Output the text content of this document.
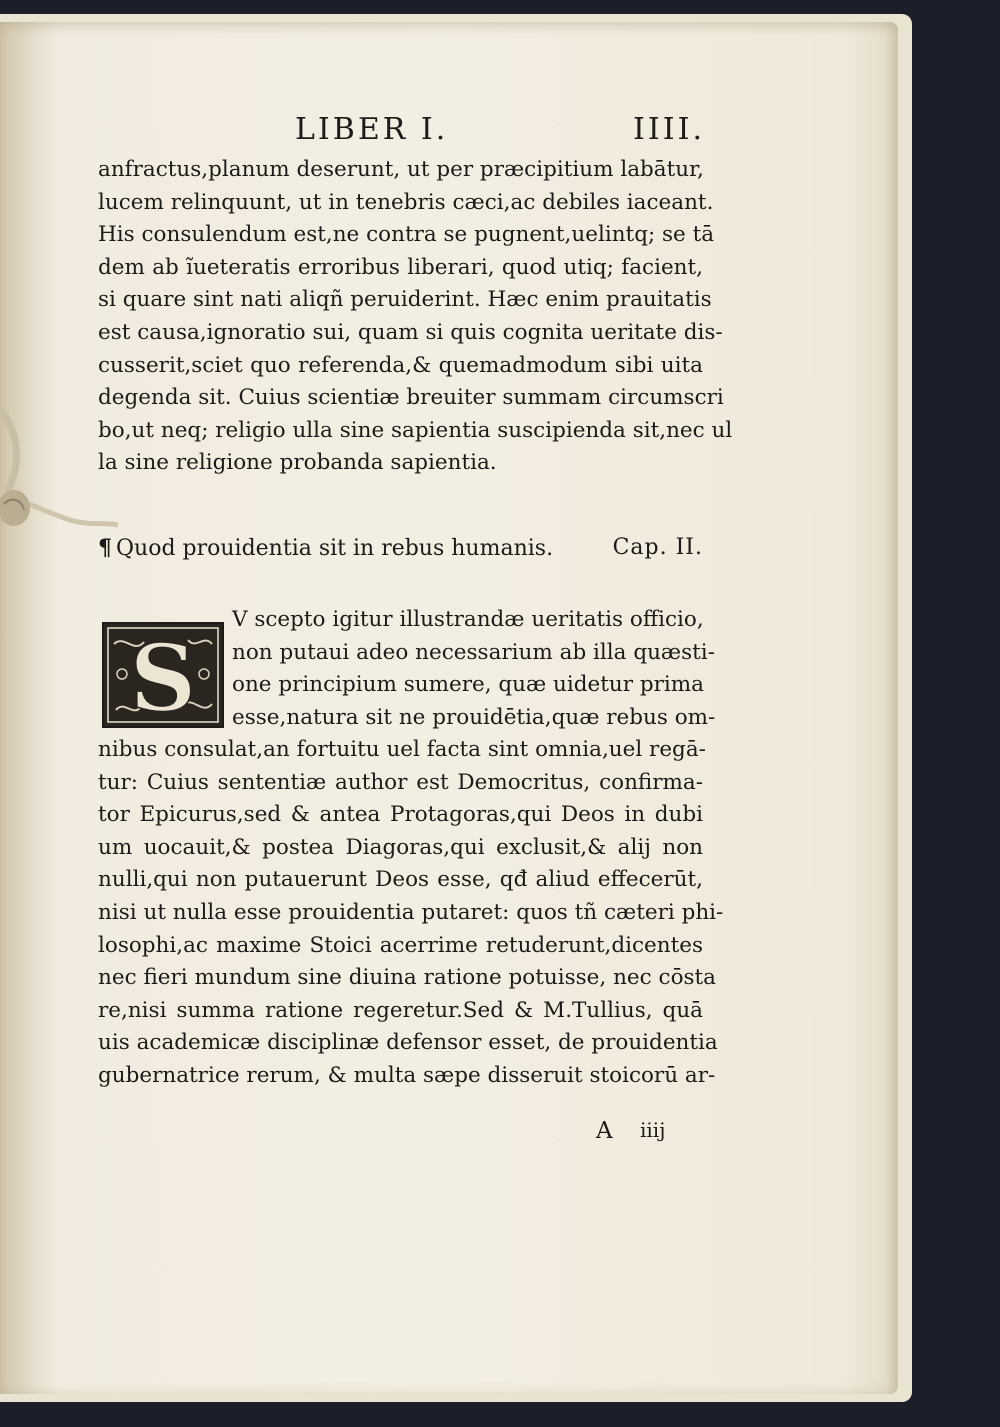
LIBER I.	IIII.
anfractus,planum deserunt, ut per præcipitium labātur,
lucem relinquunt, ut in tenebris cæci,ac debiles iaceant.
His consulendum est,ne contra se pugnent,uelintq; se tā
dem ab ĩueteratis erroribus liberari, quod utiq; facient,
si quare sint nati aliqñ peruiderint. Hæc enim prauitatis
est causa,ignoratio sui, quam si quis cognita ueritate dis-
cusserit,sciet quo referenda,& quemadmodum sibi uita
degenda sit. Cuius scientiæ breuiter summam circumscri
bo,ut neq; religio ulla sine sapientia suscipienda sit,nec ul
la sine religione probanda sapientia.
¶ Quod prouidentia sit in rebus humanis.	Cap. II.
S
V scepto igitur illustrandæ ueritatis officio,
non putaui adeo necessarium ab illa quæsti-
one principium sumere, quæ uidetur prima
esse,natura sit ne prouidētia,quæ rebus om-
nibus consulat,an fortuitu uel facta sint omnia,uel regā-
tur: Cuius sententiæ author est Democritus, confirma-
tor Epicurus,sed & antea Protagoras,qui Deos in dubi
um uocauit,& postea Diagoras,qui exclusit,& alij non
nulli,qui non putauerunt Deos esse, qđ aliud effecerūt,
nisi ut nulla esse prouidentia putaret: quos tñ cæteri phi-
losophi,ac maxime Stoici acerrime retuderunt,dicentes
nec fieri mundum sine diuina ratione potuisse, nec cōsta
re,nisi summa ratione regeretur.Sed & M.Tullius, quā
uis academicæ disciplinæ defensor esset, de prouidentia
gubernatrice rerum, & multa sæpe disseruit stoicorū ar-
A iiij
